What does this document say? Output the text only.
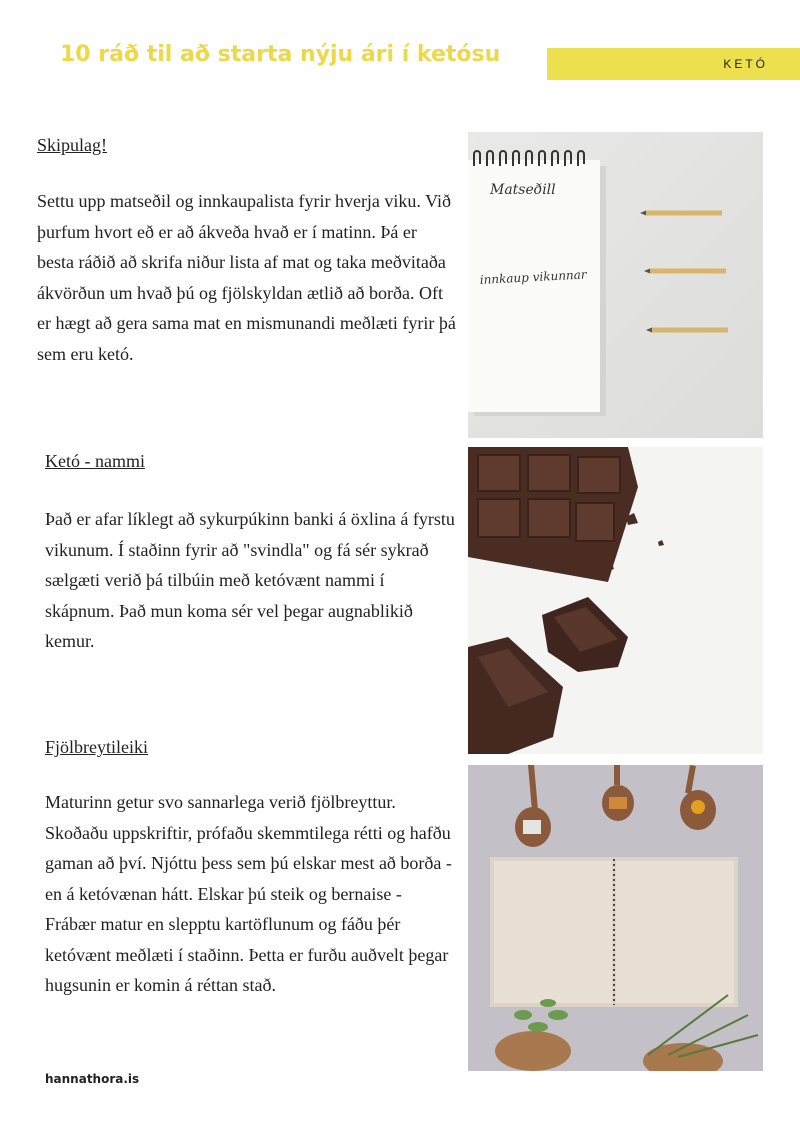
10 ráð til að starta nýju ári í ketósu	KETÓ
Skipulag!

Settu upp matseðil og innkaupalista fyrir hverja viku. Við þurfum hvort eð er að ákveða hvað er í matinn. Þá er besta ráðið að skrifa niður lista af mat og taka meðvitaða ákvörðun um hvað þú og fjölskyldan ætlið að borða. Oft er hægt að gera sama mat en mismunandi meðlæti fyrir þá sem eru ketó.

Ketó - nammi

Það er afar líklegt að sykurpúkinn banki á öxlina á fyrstu vikunum. Í staðinn fyrir að "svindla" og fá sér sykrað sælgæti verið þá tilbúin með ketóvænt nammi í skápnum. Það mun koma sér vel þegar augnablikið kemur.

Fjölbreytileiki

Maturinn getur svo sannarlega verið fjölbreyttur. Skoðaðu uppskriftir, prófaðu skemmtilega rétti og hafðu gaman að því. Njóttu þess sem þú elskar mest að borða - en á ketóvænan hátt. Elskar þú steik og bernaise - Frábær matur en slepptu kartöflunum og fáðu þér ketóvænt meðlæti í staðinn. Þetta er furðu auðvelt þegar hugsunin er komin á réttan stað.

Matseðill
innkaup vikunnar
hannathora.is
